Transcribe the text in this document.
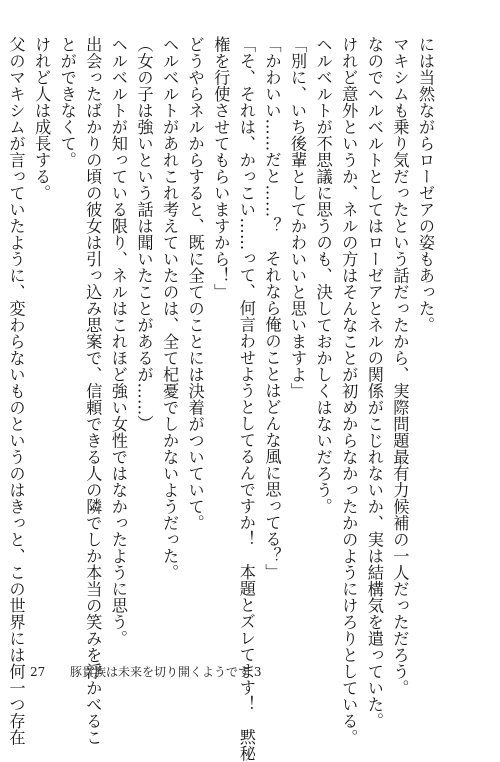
には当然ながらローゼアの姿もあった。

マキシムも乗り気だったという話だったから、実際問題最有力候補の一人だっただろう。

なのでヘルベルトとしてはローゼアとネルの関係がこじれないか、実は結構気を遣っていた。

けれど意外というか、ネルの方はそんなことが初めからなかったかのようにけろりとしている。

ヘルベルトが不思議に思うのも、決しておかしくはないだろう。

「別に、いち後輩としてかわいいと思いますよ」

「かわいい……だと……？　それなら俺のことはどんな風に思ってる？」

「そ、それは、かっこい……って、何言わせようとしてるんですか！　本題とズレてます！　黙秘

権を行使させてもらいますから！」

どうやらネルからすると、既に全てのことには決着がついていて。

ヘルベルトがあれこれ考えていたのは、全て杞憂でしかないようだった。

（女の子は強いという話は聞いたことがあるが……）

ヘルベルトが知っている限り、ネルはこれほど強い女性ではなかったように思う。

出会ったばかりの頃の彼女は引っ込み思案で、信頼できる人の隣でしか本当の笑みを浮かべるこ

とができなくて。

けれど人は成長する。

父のマキシムが言っていたように、変わらないものというのはきっと、この世界には何一つ存在 27 豚貴族は未来を切り開くようです 3
